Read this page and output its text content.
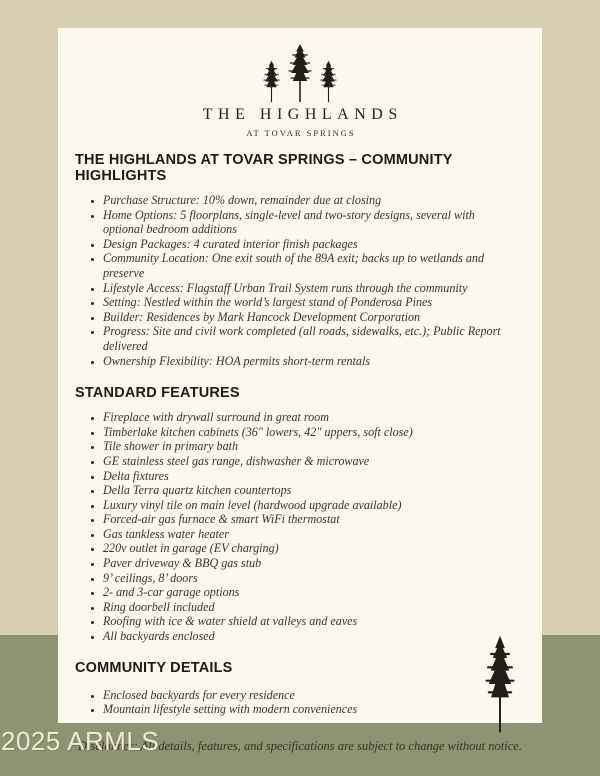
THE HIGHLANDS
AT TOVAR SPRINGS
THE HIGHLANDS AT TOVAR SPRINGS – COMMUNITY HIGHLIGHTS
• Purchase Structure: 10% down, remainder due at closing
• Home Options: 5 floorplans, single-level and two-story designs, several with optional bedroom additions
• Design Packages: 4 curated interior finish packages
• Community Location: One exit south of the 89A exit; backs up to wetlands and preserve
• Lifestyle Access: Flagstaff Urban Trail System runs through the community
• Setting: Nestled within the world’s largest stand of Ponderosa Pines
• Builder: Residences by Mark Hancock Development Corporation
• Progress: Site and civil work completed (all roads, sidewalks, etc.); Public Report delivered
• Ownership Flexibility: HOA permits short-term rentals
STANDARD FEATURES
• Fireplace with drywall surround in great room
• Timberlake kitchen cabinets (36" lowers, 42" uppers, soft close)
• Tile shower in primary bath
• GE stainless steel gas range, dishwasher & microwave
• Delta fixtures
• Della Terra quartz kitchen countertops
• Luxury vinyl tile on main level (hardwood upgrade available)
• Forced-air gas furnace & smart WiFi thermostat
• Gas tankless water heater
• 220v outlet in garage (EV charging)
• Paver driveway & BBQ gas stub
• 9’ ceilings, 8’ doors
• 2- and 3-car garage options
• Ring doorbell included
• Roofing with ice & water shield at valleys and eaves
• All backyards enclosed
COMMUNITY DETAILS
• Enclosed backyards for every residence
• Mountain lifestyle setting with modern conveniences
Disclaimer: All details, features, and specifications are subject to change without notice.
2025 ARMLS
